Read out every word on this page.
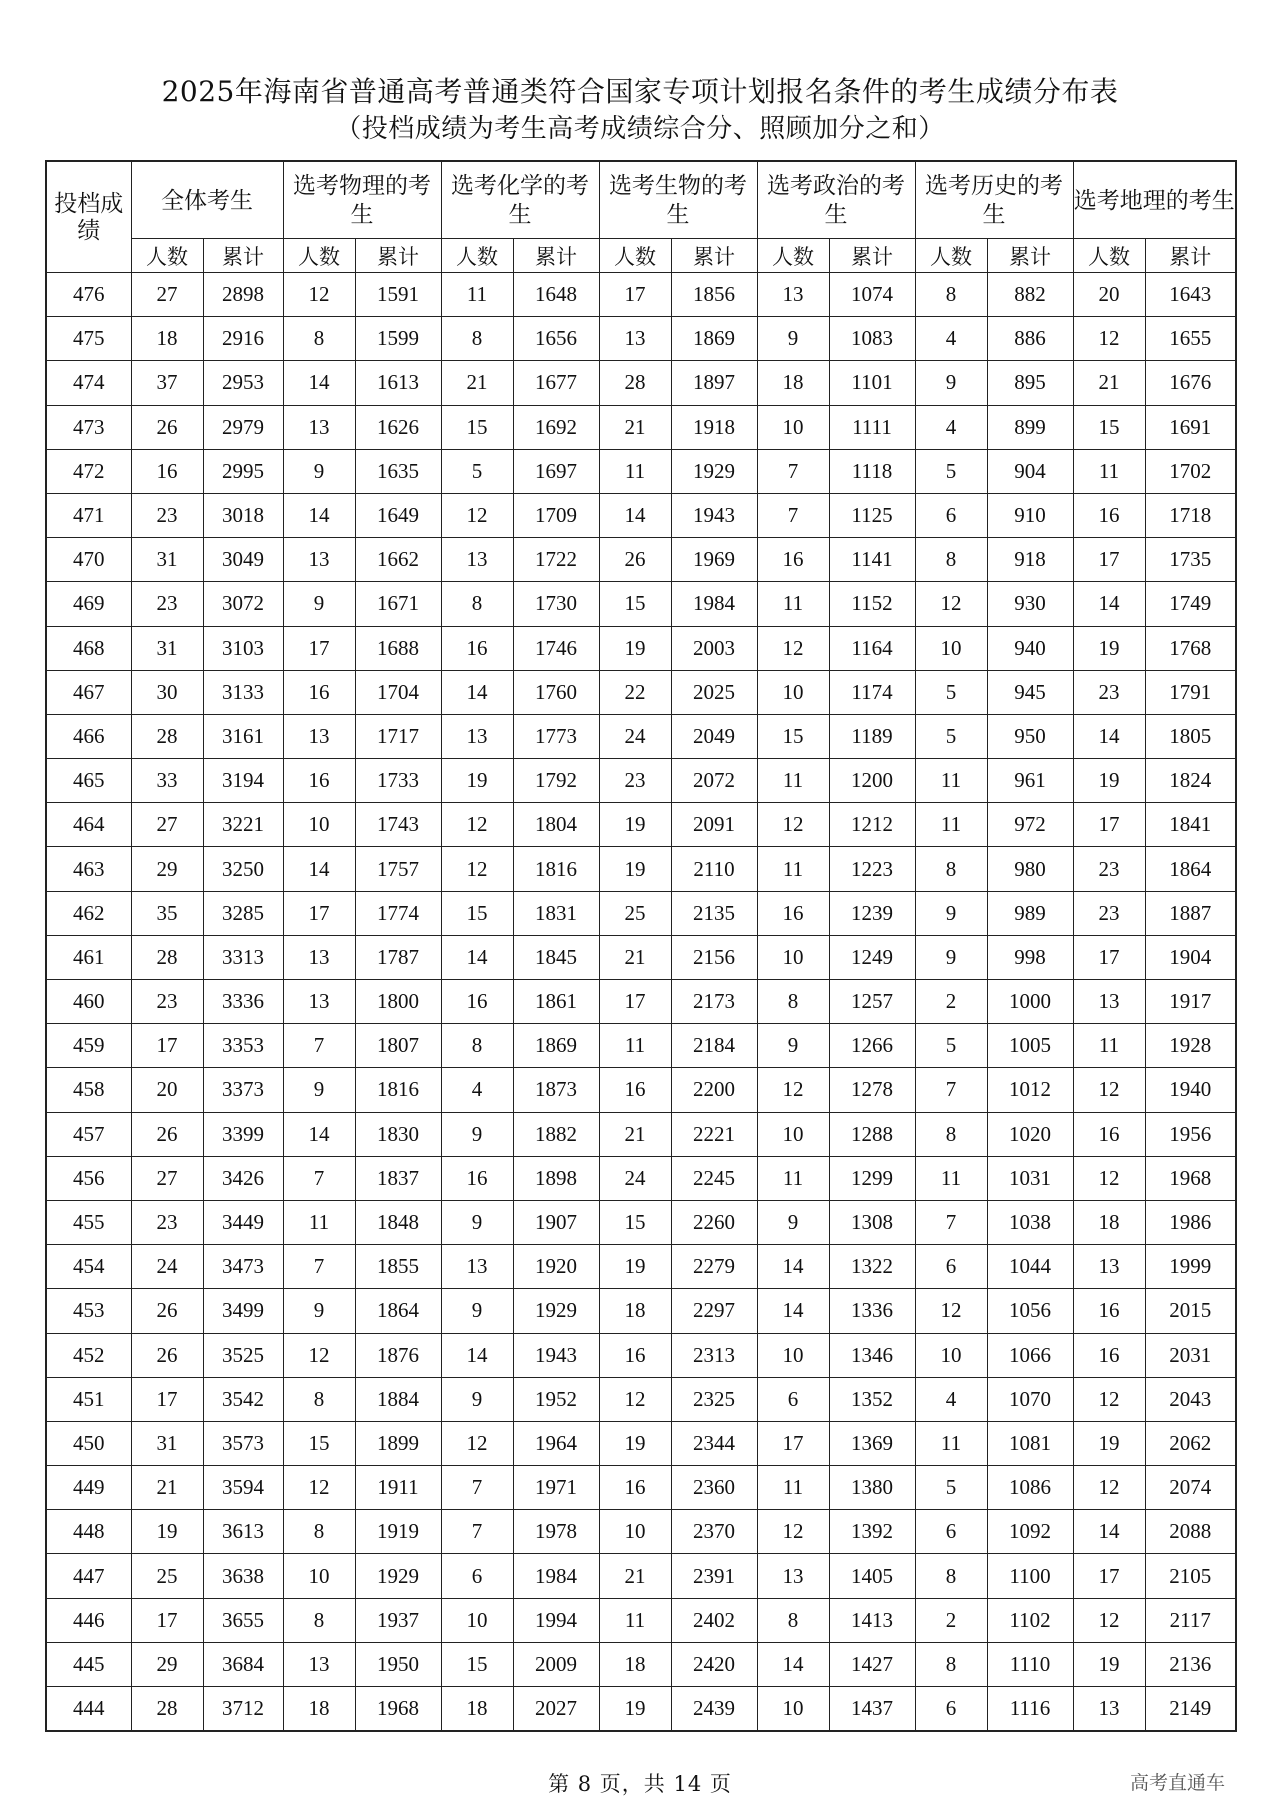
2025年海南省普通高考普通类符合国家专项计划报名条件的考生成绩分布表
（投档成绩为考生高考成绩综合分、照顾加分之和）
投档成绩	全体考生		选考物理的考生		选考化学的考生		选考生物的考生		选考政治的考生		选考历史的考生		选考地理的考生	
	人数	累计	人数	累计	人数	累计	人数	累计	人数	累计	人数	累计	人数	累计
476	27	2898	12	1591	11	1648	17	1856	13	1074	8	882	20	1643
475	18	2916	8	1599	8	1656	13	1869	9	1083	4	886	12	1655
474	37	2953	14	1613	21	1677	28	1897	18	1101	9	895	21	1676
473	26	2979	13	1626	15	1692	21	1918	10	1111	4	899	15	1691
472	16	2995	9	1635	5	1697	11	1929	7	1118	5	904	11	1702
471	23	3018	14	1649	12	1709	14	1943	7	1125	6	910	16	1718
470	31	3049	13	1662	13	1722	26	1969	16	1141	8	918	17	1735
469	23	3072	9	1671	8	1730	15	1984	11	1152	12	930	14	1749
468	31	3103	17	1688	16	1746	19	2003	12	1164	10	940	19	1768
467	30	3133	16	1704	14	1760	22	2025	10	1174	5	945	23	1791
466	28	3161	13	1717	13	1773	24	2049	15	1189	5	950	14	1805
465	33	3194	16	1733	19	1792	23	2072	11	1200	11	961	19	1824
464	27	3221	10	1743	12	1804	19	2091	12	1212	11	972	17	1841
463	29	3250	14	1757	12	1816	19	2110	11	1223	8	980	23	1864
462	35	3285	17	1774	15	1831	25	2135	16	1239	9	989	23	1887
461	28	3313	13	1787	14	1845	21	2156	10	1249	9	998	17	1904
460	23	3336	13	1800	16	1861	17	2173	8	1257	2	1000	13	1917
459	17	3353	7	1807	8	1869	11	2184	9	1266	5	1005	11	1928
458	20	3373	9	1816	4	1873	16	2200	12	1278	7	1012	12	1940
457	26	3399	14	1830	9	1882	21	2221	10	1288	8	1020	16	1956
456	27	3426	7	1837	16	1898	24	2245	11	1299	11	1031	12	1968
455	23	3449	11	1848	9	1907	15	2260	9	1308	7	1038	18	1986
454	24	3473	7	1855	13	1920	19	2279	14	1322	6	1044	13	1999
453	26	3499	9	1864	9	1929	18	2297	14	1336	12	1056	16	2015
452	26	3525	12	1876	14	1943	16	2313	10	1346	10	1066	16	2031
451	17	3542	8	1884	9	1952	12	2325	6	1352	4	1070	12	2043
450	31	3573	15	1899	12	1964	19	2344	17	1369	11	1081	19	2062
449	21	3594	12	1911	7	1971	16	2360	11	1380	5	1086	12	2074
448	19	3613	8	1919	7	1978	10	2370	12	1392	6	1092	14	2088
447	25	3638	10	1929	6	1984	21	2391	13	1405	8	1100	17	2105
446	17	3655	8	1937	10	1994	11	2402	8	1413	2	1102	12	2117
445	29	3684	13	1950	15	2009	18	2420	14	1427	8	1110	19	2136
444	28	3712	18	1968	18	2027	19	2439	10	1437	6	1116	13	2149
第 8 页，共 14 页	高考直通车
